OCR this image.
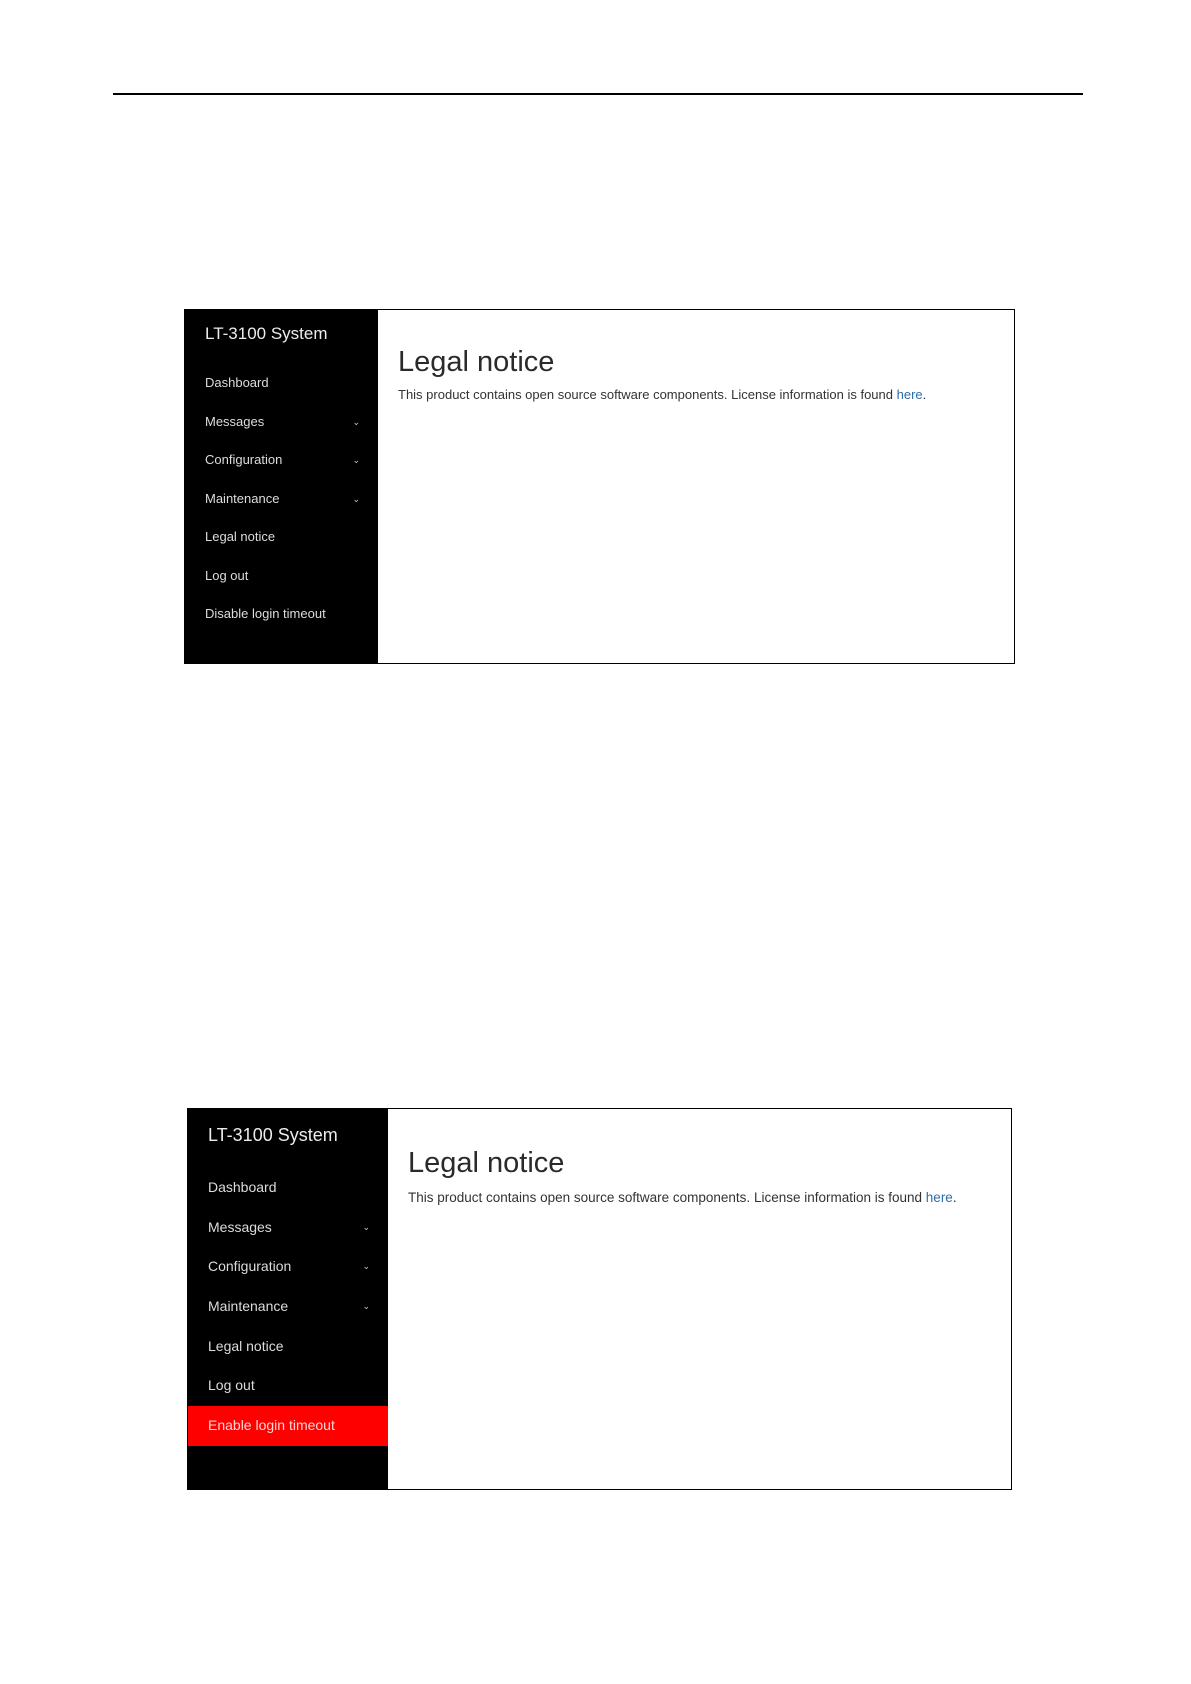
LT-3100 System
Dashboard
Messages	⌄
Configuration	⌄
Maintenance	⌄
Legal notice
Log out
Disable login timeout
Legal notice
This product contains open source software components. License information is found here.
LT-3100 System
Dashboard
Messages	⌄
Configuration	⌄
Maintenance	⌄
Legal notice
Log out
Enable login timeout
Legal notice
This product contains open source software components. License information is found here.
